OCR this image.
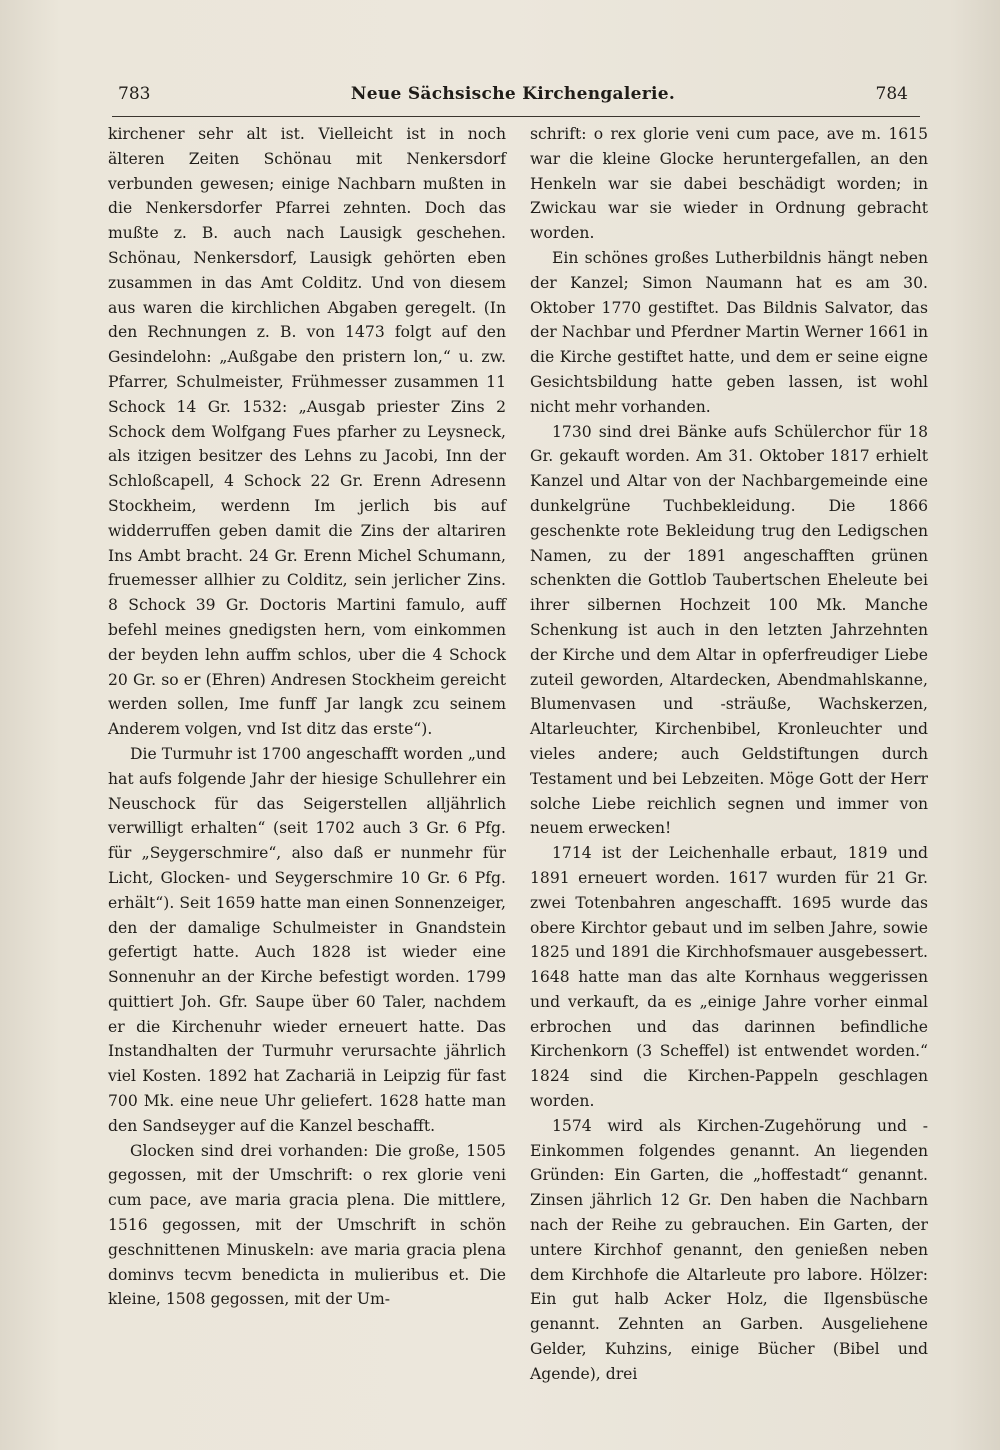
783	Neue Sächsische Kirchengalerie.	784

kirchener sehr alt ist. Vielleicht ist in noch älteren Zeiten Schönau mit Nenkersdorf verbunden gewesen; einige Nachbarn mußten in die Nenkersdorfer Pfarrei zehnten. Doch das mußte z. B. auch nach Lausigk geschehen. Schönau, Nenkersdorf, Lausigk gehörten eben zusammen in das Amt Colditz. Und von diesem aus waren die kirchlichen Abgaben geregelt. (In den Rechnungen z. B. von 1473 folgt auf den Gesindelohn: „Außgabe den pristern lon,“ u. zw. Pfarrer, Schulmeister, Frühmesser zusammen 11 Schock 14 Gr. 1532: „Ausgab priester Zins 2 Schock dem Wolfgang Fues pfarher zu Leysneck, als itzigen besitzer des Lehns zu Jacobi, Inn der Schloßcapell, 4 Schock 22 Gr. Erenn Adresenn Stockheim, werdenn Im jerlich bis auf widderruffen geben damit die Zins der altariren Ins Ambt bracht. 24 Gr. Erenn Michel Schumann, fruemesser allhier zu Colditz, sein jerlicher Zins. 8 Schock 39 Gr. Doctoris Martini famulo, auff befehl meines gnedigsten hern, vom einkommen der beyden lehn auffm schlos, uber die 4 Schock 20 Gr. so er (Ehren) Andresen Stockheim gereicht werden sollen, Ime funff Jar langk zcu seinem Anderem volgen, vnd Ist ditz das erste“).

Die Turmuhr ist 1700 angeschafft worden „und hat aufs folgende Jahr der hiesige Schullehrer ein Neuschock für das Seigerstellen alljährlich verwilligt erhalten“ (seit 1702 auch 3 Gr. 6 Pfg. für „Seygerschmire“, also daß er nunmehr für Licht, Glocken- und Seygerschmire 10 Gr. 6 Pfg. erhält“). Seit 1659 hatte man einen Sonnenzeiger, den der damalige Schulmeister in Gnandstein gefertigt hatte. Auch 1828 ist wieder eine Sonnenuhr an der Kirche befestigt worden. 1799 quittiert Joh. Gfr. Saupe über 60 Taler, nachdem er die Kirchenuhr wieder erneuert hatte. Das Instandhalten der Turmuhr verursachte jährlich viel Kosten. 1892 hat Zachariä in Leipzig für fast 700 Mk. eine neue Uhr geliefert. 1628 hatte man den Sandseyger auf die Kanzel beschafft.

Glocken sind drei vorhanden: Die große, 1505 gegossen, mit der Umschrift: o rex glorie veni cum pace, ave maria gracia plena. Die mittlere, 1516 gegossen, mit der Umschrift in schön geschnittenen Minuskeln: ave maria gracia plena dominvs tecvm benedicta in mulieribus et. Die kleine, 1508 gegossen, mit der Um-

schrift: o rex glorie veni cum pace, ave m. 1615 war die kleine Glocke heruntergefallen, an den Henkeln war sie dabei beschädigt worden; in Zwickau war sie wieder in Ordnung gebracht worden.

Ein schönes großes Lutherbildnis hängt neben der Kanzel; Simon Naumann hat es am 30. Oktober 1770 gestiftet. Das Bildnis Salvator, das der Nachbar und Pferdner Martin Werner 1661 in die Kirche gestiftet hatte, und dem er seine eigne Gesichtsbildung hatte geben lassen, ist wohl nicht mehr vorhanden.

1730 sind drei Bänke aufs Schülerchor für 18 Gr. gekauft worden. Am 31. Oktober 1817 erhielt Kanzel und Altar von der Nachbargemeinde eine dunkelgrüne Tuchbekleidung. Die 1866 geschenkte rote Bekleidung trug den Ledigschen Namen, zu der 1891 angeschafften grünen schenkten die Gottlob Taubertschen Eheleute bei ihrer silbernen Hochzeit 100 Mk. Manche Schenkung ist auch in den letzten Jahrzehnten der Kirche und dem Altar in opferfreudiger Liebe zuteil geworden, Altardecken, Abendmahlskanne, Blumenvasen und -sträuße, Wachskerzen, Altarleuchter, Kirchenbibel, Kronleuchter und vieles andere; auch Geldstiftungen durch Testament und bei Lebzeiten. Möge Gott der Herr solche Liebe reichlich segnen und immer von neuem erwecken!

1714 ist der Leichenhalle erbaut, 1819 und 1891 erneuert worden. 1617 wurden für 21 Gr. zwei Totenbahren angeschafft. 1695 wurde das obere Kirchtor gebaut und im selben Jahre, sowie 1825 und 1891 die Kirchhofsmauer ausgebessert. 1648 hatte man das alte Kornhaus weggerissen und verkauft, da es „einige Jahre vorher einmal erbrochen und das darinnen befindliche Kirchenkorn (3 Scheffel) ist entwendet worden.“ 1824 sind die Kirchen-Pappeln geschlagen worden.

1574 wird als Kirchen-Zugehörung und -Einkommen folgendes genannt. An liegenden Gründen: Ein Garten, die „hoffestadt“ genannt. Zinsen jährlich 12 Gr. Den haben die Nachbarn nach der Reihe zu gebrauchen. Ein Garten, der untere Kirchhof genannt, den genießen neben dem Kirchhofe die Altarleute pro labore. Hölzer: Ein gut halb Acker Holz, die Ilgensbüsche genannt. Zehnten an Garben. Ausgeliehene Gelder, Kuhzins, einige Bücher (Bibel und Agende), drei
